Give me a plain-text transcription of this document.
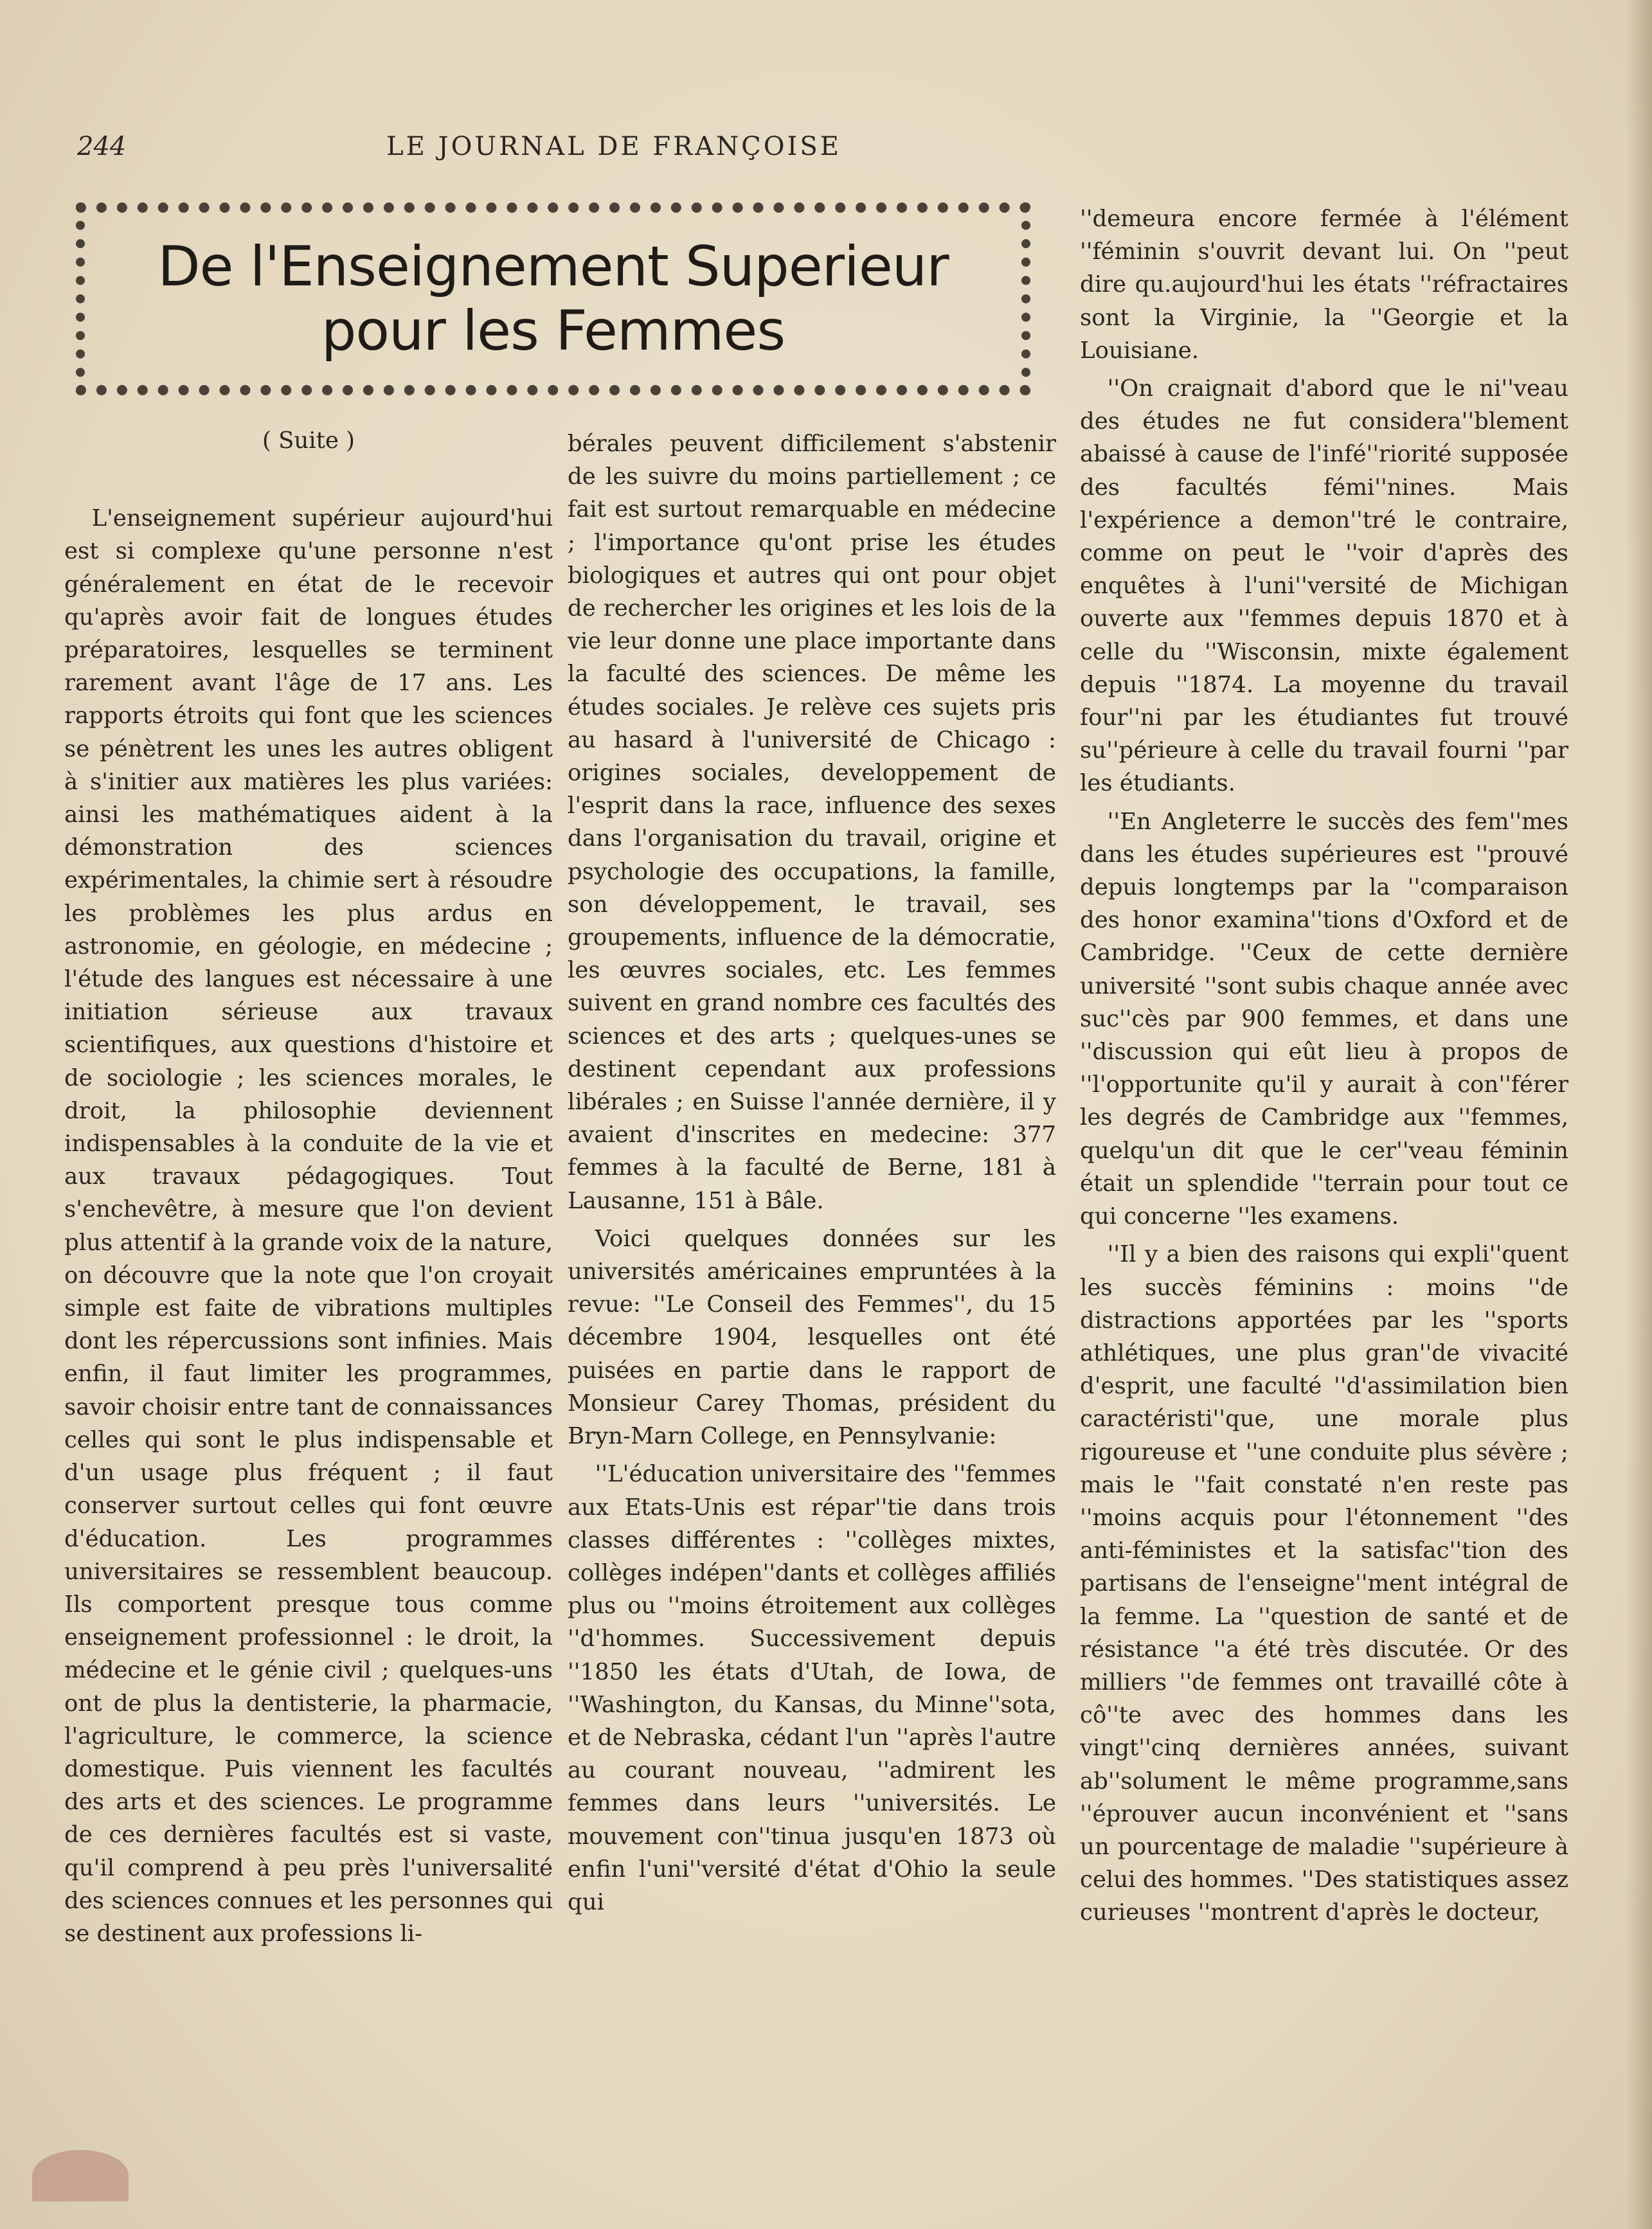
244	LE JOURNAL DE FRANÇOISE
De l'Enseignement Superieur
pour les Femmes

( Suite )

L'enseignement supérieur aujourd'hui est si complexe qu'une personne n'est généralement en état de le recevoir qu'après avoir fait de longues études préparatoires, lesquelles se terminent rarement avant l'âge de 17 ans. Les rapports étroits qui font que les sciences se pénètrent les unes les autres obligent à s'initier aux matières les plus variées: ainsi les mathématiques aident à la démonstration des sciences expérimentales, la chimie sert à résoudre les problèmes les plus ardus en astronomie, en géologie, en médecine ; l'étude des langues est nécessaire à une initiation sérieuse aux travaux scientifiques, aux questions d'histoire et de sociologie ; les sciences morales, le droit, la philosophie deviennent indispensables à la conduite de la vie et aux travaux pédagogiques. Tout s'enchevêtre, à mesure que l'on devient plus attentif à la grande voix de la nature, on découvre que la note que l'on croyait simple est faite de vibrations multiples dont les répercussions sont infinies. Mais enfin, il faut limiter les programmes, savoir choisir entre tant de connaissances celles qui sont le plus indispensable et d'un usage plus fréquent ; il faut conserver surtout celles qui font œuvre d'éducation. Les programmes universitaires se ressemblent beaucoup. Ils comportent presque tous comme enseignement professionnel : le droit, la médecine et le génie civil ; quelques-uns ont de plus la dentisterie, la pharmacie, l'agriculture, le commerce, la science domestique. Puis viennent les facultés des arts et des sciences. Le programme de ces dernières facultés est si vaste, qu'il comprend à peu près l'universalité des sciences connues et les personnes qui se destinent aux professions li-

bérales peuvent difficilement s'abstenir de les suivre du moins partiellement ; ce fait est surtout remarquable en médecine ; l'importance qu'ont prise les études biologiques et autres qui ont pour objet de rechercher les origines et les lois de la vie leur donne une place importante dans la faculté des sciences. De même les études sociales. Je relève ces sujets pris au hasard à l'université de Chicago : origines sociales, developpement de l'esprit dans la race, influence des sexes dans l'organisation du travail, origine et psychologie des occupations, la famille, son développement, le travail, ses groupements, influence de la démocratie, les œuvres sociales, etc. Les femmes suivent en grand nombre ces facultés des sciences et des arts ; quelques-unes se destinent cependant aux professions libérales ; en Suisse l'année dernière, il y avaient d'inscrites en medecine: 377 femmes à la faculté de Berne, 181 à Lausanne, 151 à Bâle.

Voici quelques données sur les universités américaines empruntées à la revue: ''Le Conseil des Femmes'', du 15 décembre 1904, lesquelles ont été puisées en partie dans le rapport de Monsieur Carey Thomas, président du Bryn-Marn College, en Pennsylvanie:

''L'éducation universitaire des ''femmes aux Etats-Unis est répar''tie dans trois classes différentes : ''collèges mixtes, collèges indépen''dants et collèges affiliés plus ou ''moins étroitement aux collèges ''d'hommes. Successivement depuis ''1850 les états d'Utah, de Iowa, de ''Washington, du Kansas, du Minne''sota, et de Nebraska, cédant l'un ''après l'autre au courant nouveau, ''admirent les femmes dans leurs ''universités. Le mouvement con''tinua jusqu'en 1873 où enfin l'uni''versité d'état d'Ohio la seule qui

''demeura encore fermée à l'élément ''féminin s'ouvrit devant lui. On ''peut dire qu.aujourd'hui les états ''réfractaires sont la Virginie, la ''Georgie et la Louisiane.

''On craignait d'abord que le ni''veau des études ne fut considera''blement abaissé à cause de l'infé''riorité supposée des facultés fémi''nines. Mais l'expérience a demon''tré le contraire, comme on peut le ''voir d'après des enquêtes à l'uni''versité de Michigan ouverte aux ''femmes depuis 1870 et à celle du ''Wisconsin, mixte également depuis ''1874. La moyenne du travail four''ni par les étudiantes fut trouvé su''périeure à celle du travail fourni ''par les étudiants.

''En Angleterre le succès des fem''mes dans les études supérieures est ''prouvé depuis longtemps par la ''comparaison des honor examina''tions d'Oxford et de Cambridge. ''Ceux de cette dernière université ''sont subis chaque année avec suc''cès par 900 femmes, et dans une ''discussion qui eût lieu à propos de ''l'opportunite qu'il y aurait à con''férer les degrés de Cambridge aux ''femmes, quelqu'un dit que le cer''veau féminin était un splendide ''terrain pour tout ce qui concerne ''les examens.

''Il y a bien des raisons qui expli''quent les succès féminins : moins ''de distractions apportées par les ''sports athlétiques, une plus gran''de vivacité d'esprit, une faculté ''d'assimilation bien caractéristi''que, une morale plus rigoureuse et ''une conduite plus sévère ; mais le ''fait constaté n'en reste pas ''moins acquis pour l'étonnement ''des anti-féministes et la satisfac''tion des partisans de l'enseigne''ment intégral de la femme. La ''question de santé et de résistance ''a été très discutée. Or des milliers ''de femmes ont travaillé côte à cô''te avec des hommes dans les vingt''cinq dernières années, suivant ab''solument le même programme,sans ''éprouver aucun inconvénient et ''sans un pourcentage de maladie ''supérieure à celui des hommes. ''Des statistiques assez curieuses ''montrent d'après le docteur,
